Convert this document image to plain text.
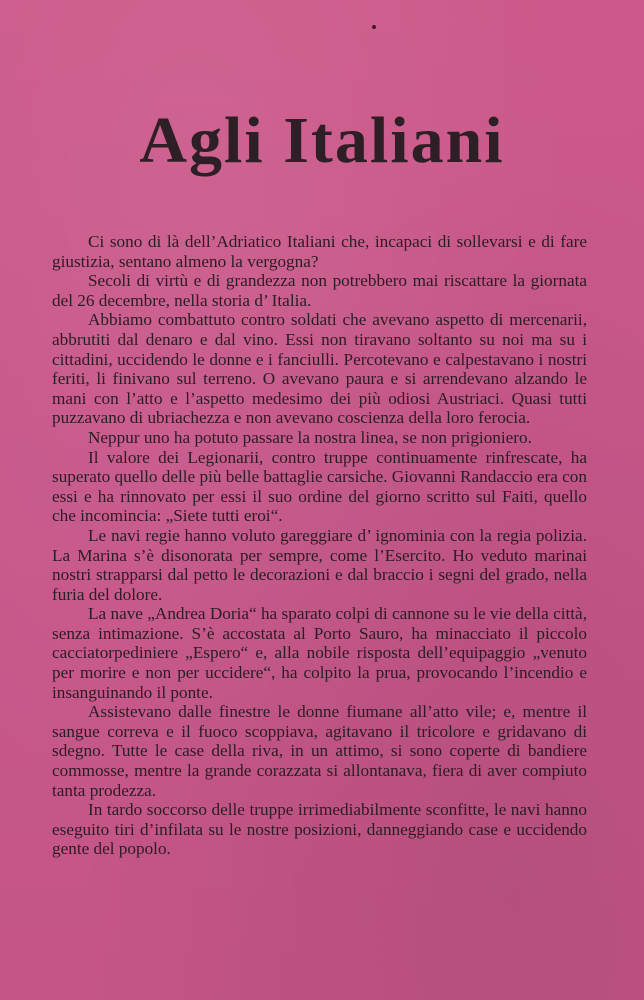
Agli Italiani

Ci sono di là dell’Adriatico Italiani che, incapaci di sollevarsi e di fare giustizia, sentano almeno la vergogna?

Secoli di virtù e di grandezza non potrebbero mai riscattare la giornata del 26 decembre, nella storia d’ Italia.

Abbiamo combattuto contro soldati che avevano aspetto di mercenarii, abbrutiti dal denaro e dal vino. Essi non tiravano soltanto su noi ma su i cittadini, uccidendo le donne e i fanciulli. Percotevano e calpestavano i nostri feriti, li finivano sul terreno. O avevano paura e si arrendevano alzando le mani con l’atto e l’aspetto medesimo dei più odiosi Austriaci. Quasi tutti puzzavano di ubriachezza e non avevano coscienza della loro ferocia.

Neppur uno ha potuto passare la nostra linea, se non prigioniero.

Il valore dei Legionarii, contro truppe continuamente rinfrescate, ha superato quello delle più belle battaglie carsiche. Giovanni Randaccio era con essi e ha rinnovato per essi il suo ordine del giorno scritto sul Faiti, quello che incomincia: „Siete tutti eroi“.

Le navi regie hanno voluto gareggiare d’ ignominia con la regia polizia. La Marina s’è disonorata per sempre, come l’Esercito. Ho veduto marinai nostri strapparsi dal petto le decorazioni e dal braccio i segni del grado, nella furia del dolore.

La nave „Andrea Doria“ ha sparato colpi di cannone su le vie della città, senza intimazione. S’è accostata al Porto Sauro, ha minacciato il piccolo cacciatorpediniere „Espero“ e, alla nobile risposta dell’equipaggio „venuto per morire e non per uccidere“, ha colpito la prua, provocando l’incendio e insanguinando il ponte.

Assistevano dalle finestre le donne fiumane all’atto vile; e, mentre il sangue correva e il fuoco scoppiava, agitavano il tricolore e gridavano di sdegno. Tutte le case della riva, in un attimo, si sono coperte di bandiere commosse, mentre la grande corazzata si allontanava, fiera di aver compiuto tanta prodezza.

In tardo soccorso delle truppe irrimediabilmente sconfitte, le navi hanno eseguito tiri d’infilata su le nostre posizioni, danneggiando case e uccidendo gente del popolo.
